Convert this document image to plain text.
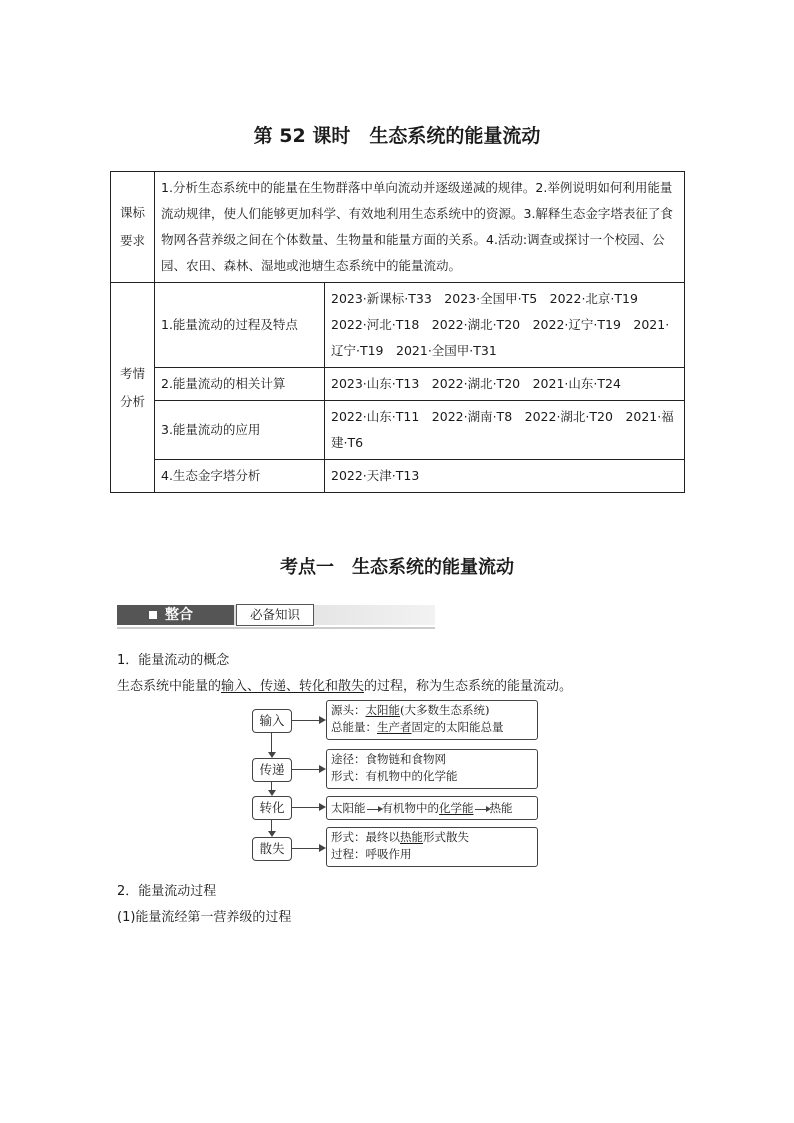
第 52 课时　生态系统的能量流动
课标要求	1.分析生态系统中的能量在生物群落中单向流动并逐级递减的规律。2.举例说明如何利用能量流动规律，使人们能够更加科学、有效地利用生态系统中的资源。3.解释生态金字塔表征了食物网各营养级之间在个体数量、生物量和能量方面的关系。4.活动:调查或探讨一个校园、公园、农田、森林、湿地或池塘生态系统中的能量流动。	
考情分析	1.能量流动的过程及特点	2023·新课标·T33　2023·全国甲·T5　2022·北京·T19　2022·河北·T18　2022·湖北·T20　2022·辽宁·T19　2021·辽宁·T19　2021·全国甲·T31
	2.能量流动的相关计算	2023·山东·T13　2022·湖北·T20　2021·山东·T24
	3.能量流动的应用	2022·山东·T11　2022·湖南·T8　2022·湖北·T20　2021·福建·T6
	4.生态金字塔分析	2022·天津·T13
考点一　生态系统的能量流动
整合	必备知识
1．能量流动的概念
生态系统中能量的输入、传递、转化和散失的过程，称为生态系统的能量流动。
输入
传递
转化
散失
源头：太阳能(大多数生态系统)
总能量：生产者固定的太阳能总量
途径：食物链和食物网
形式：有机物中的化学能
太阳能 有机物中的化学能 热能
形式：最终以热能形式散失
过程：呼吸作用
2．能量流动过程
(1)能量流经第一营养级的过程
